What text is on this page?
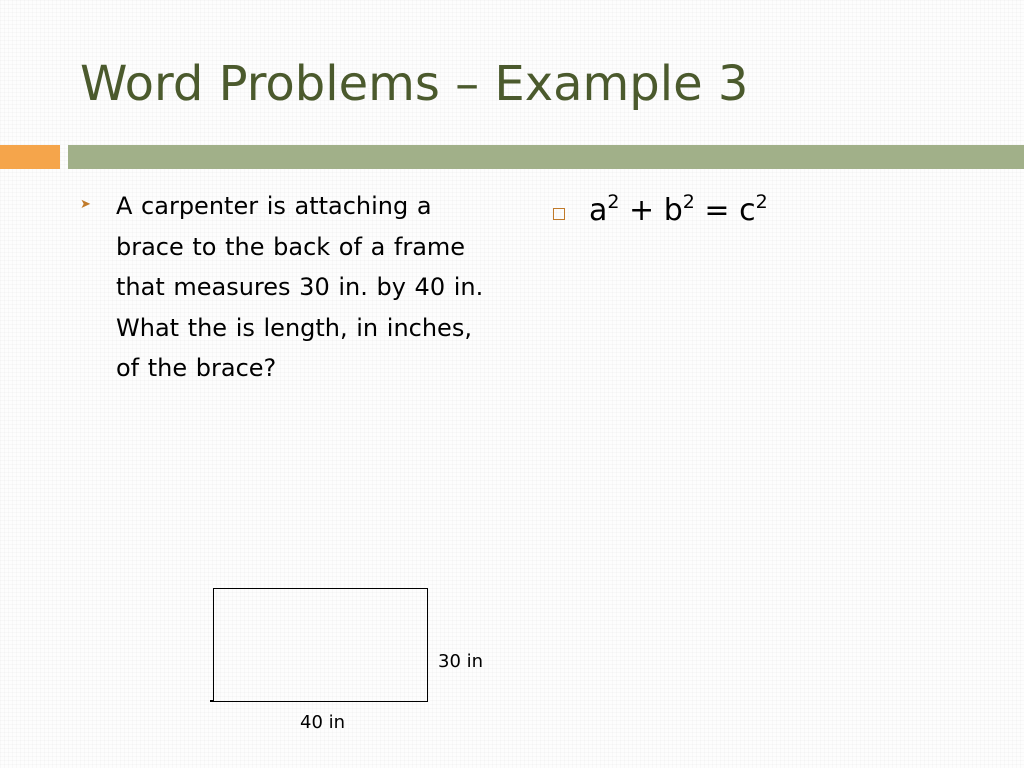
Word Problems – Example 3
➤ A carpenter is attaching a brace to the back of a frame that measures 30 in. by 40 in. What the is length, in inches, of the brace?

$a^2 + b^2 = c^2$

30 in
40 in
